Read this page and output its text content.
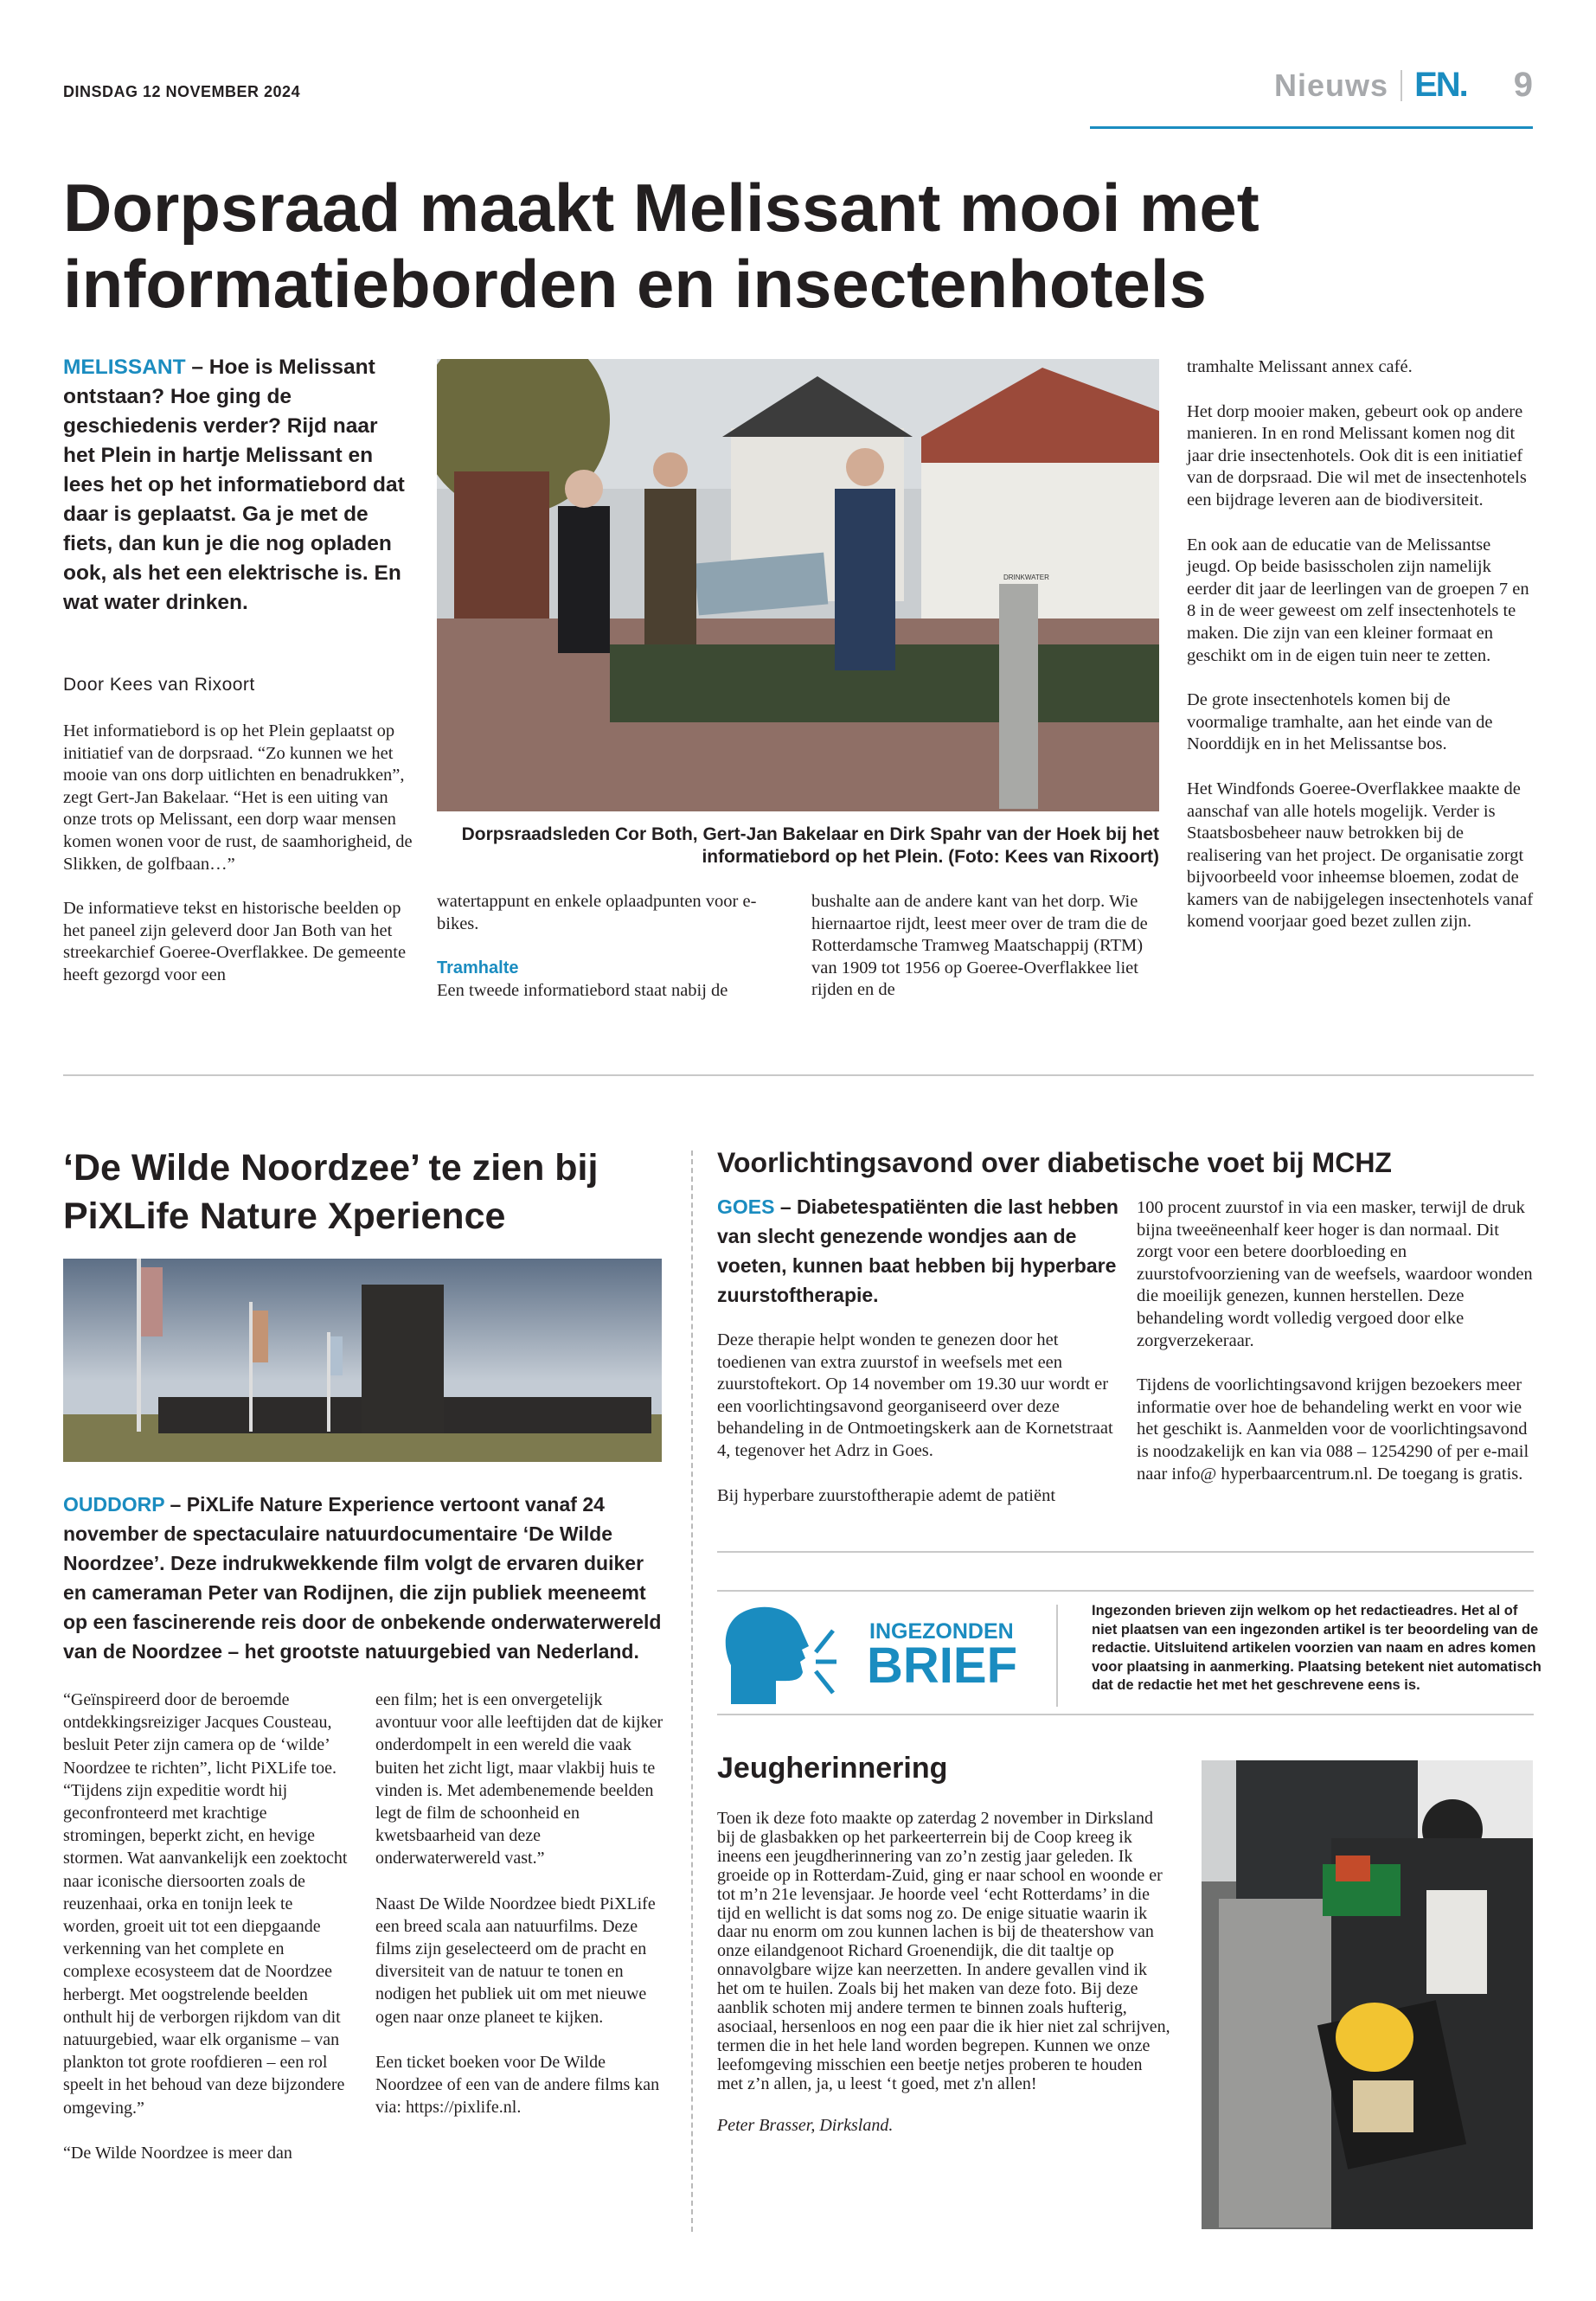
DINSDAG 12 NOVEMBER 2024	Nieuws EN. 9
Dorpsraad maakt Melissant mooi met informatieborden en insectenhotels
MELISSANT – Hoe is Melissant ontstaan? Hoe ging de geschiedenis verder? Rijd naar het Plein in hartje Melissant en lees het op het informatiebord dat daar is geplaatst. Ga je met de fiets, dan kun je die nog opladen ook, als het een elektrische is. En wat water drinken.
Door Kees van Rixoort

Het informatiebord is op het Plein geplaatst op initiatief van de dorpsraad. “Zo kunnen we het mooie van ons dorp uitlichten en benadrukken”, zegt Gert-Jan Bakelaar. “Het is een uiting van onze trots op Melissant, een dorp waar mensen komen wonen voor de rust, de saamhorigheid, de Slikken, de golfbaan…”

De informatieve tekst en historische beelden op het paneel zijn geleverd door Jan Both van het streekarchief Goeree-Overflakkee. De gemeente heeft gezorgd voor een

DRINKWATER
Dorpsraadsleden Cor Both, Gert-Jan Bakelaar en Dirk Spahr van der Hoek bij het informatiebord op het Plein. (Foto: Kees van Rixoort)

watertappunt en enkele oplaadpunten voor e-bikes.

Tramhalte

Een tweede informatiebord staat nabij de

bushalte aan de andere kant van het dorp. Wie hiernaartoe rijdt, leest meer over de tram die de Rotterdamsche Tramweg Maatschappij (RTM) van 1909 tot 1956 op Goeree-Overflakkee liet rijden en de

tramhalte Melissant annex café.

Het dorp mooier maken, gebeurt ook op andere manieren. In en rond Melissant komen nog dit jaar drie insectenhotels. Ook dit is een initiatief van de dorpsraad. Die wil met de insectenhotels een bijdrage leveren aan de biodiversiteit.

En ook aan de educatie van de Melissantse jeugd. Op beide basisscholen zijn namelijk eerder dit jaar de leerlingen van de groepen 7 en 8 in de weer geweest om zelf insectenhotels te maken. Die zijn van een kleiner formaat en geschikt om in de eigen tuin neer te zetten.

De grote insectenhotels komen bij de voormalige tramhalte, aan het einde van de Noorddijk en in het Melissantse bos.

Het Windfonds Goeree-Overflakkee maakte de aanschaf van alle hotels mogelijk. Verder is Staatsbosbeheer nauw betrokken bij de realisering van het project. De organisatie zorgt bijvoorbeeld voor inheemse bloemen, zodat de kamers van de nabijgelegen insectenhotels vanaf komend voorjaar goed bezet zullen zijn.

‘De Wilde Noordzee’ te zien bij PiXLife Nature Xperience
OUDDORP – PiXLife Nature Experience vertoont vanaf 24 november de spectaculaire natuurdocumentaire ‘De Wilde Noordzee’. Deze indrukwekkende film volgt de ervaren duiker en cameraman Peter van Rodijnen, die zijn publiek meeneemt op een fascinerende reis door de onbekende onderwaterwereld van de Noordzee – het grootste natuurgebied van Nederland.

“Geïnspireerd door de beroemde ontdekkingsreiziger Jacques Cousteau, besluit Peter zijn camera op de ‘wilde’ Noordzee te richten”, licht PiXLife toe. “Tijdens zijn expeditie wordt hij geconfronteerd met krachtige stromingen, beperkt zicht, en hevige stormen. Wat aanvankelijk een zoektocht naar iconische diersoorten zoals de reuzenhaai, orka en tonijn leek te worden, groeit uit tot een diepgaande verkenning van het complete en complexe ecosysteem dat de Noordzee herbergt. Met oogstrelende beelden onthult hij de verborgen rijkdom van dit natuurgebied, waar elk organisme – van plankton tot grote roofdieren – een rol speelt in het behoud van deze bijzondere omgeving.”

“De Wilde Noordzee is meer dan

een film; het is een onvergetelijk avontuur voor alle leeftijden dat de kijker onderdompelt in een wereld die vaak buiten het zicht ligt, maar vlakbij huis te vinden is. Met adembenemende beelden legt de film de schoonheid en kwetsbaarheid van deze onderwaterwereld vast.”

Naast De Wilde Noordzee biedt PiXLife een breed scala aan natuurfilms. Deze films zijn geselecteerd om de pracht en diversiteit van de natuur te tonen en nodigen het publiek uit om met nieuwe ogen naar onze planeet te kijken.

Een ticket boeken voor De Wilde Noordzee of een van de andere films kan via: https://pixlife.nl.

Voorlichtingsavond over diabetische voet bij MCHZ
GOES – Diabetespatiënten die last hebben van slecht genezende wondjes aan de voeten, kunnen baat hebben bij hyperbare zuurstoftherapie.

Deze therapie helpt wonden te genezen door het toedienen van extra zuurstof in weefsels met een zuurstoftekort. Op 14 november om 19.30 uur wordt er een voorlichtingsavond georganiseerd over deze behandeling in de Ontmoetingskerk aan de Kornetstraat 4, tegenover het Adrz in Goes.

Bij hyperbare zuurstoftherapie ademt de patiënt

100 procent zuurstof in via een masker, terwijl de druk bijna tweeëneenhalf keer hoger is dan normaal. Dit zorgt voor een betere doorbloeding en zuurstofvoorziening van de weefsels, waardoor wonden die moeilijk genezen, kunnen herstellen. Deze behandeling wordt volledig vergoed door elke zorgverzekeraar.

Tijdens de voorlichtingsavond krijgen bezoekers meer informatie over hoe de behandeling werkt en voor wie het geschikt is. Aanmelden voor de voorlichtingsavond is noodzakelijk en kan via 088 – 1254290 of per e-mail naar info@ hyperbaarcentrum.nl. De toegang is gratis.

INGEZONDEN
BRIEF
Ingezonden brieven zijn welkom op het redactieadres. Het al of niet plaatsen van een ingezonden artikel is ter beoordeling van de redactie. Uitsluitend artikelen voorzien van naam en adres komen voor plaatsing in aanmerking. Plaatsing betekent niet automatisch dat de redactie het met het geschrevene eens is.
Jeugherinnering

Toen ik deze foto maakte op zaterdag 2 november in Dirksland bij de glasbakken op het parkeerterrein bij de Coop kreeg ik ineens een jeugdherinnering van zo’n zestig jaar geleden. Ik groeide op in Rotterdam-Zuid, ging er naar school en woonde er tot m’n 21e levensjaar. Je hoorde veel ‘echt Rotterdams’ in die tijd en wellicht is dat soms nog zo. De enige situatie waarin ik daar nu enorm om zou kunnen lachen is bij de theatershow van onze eilandgenoot Richard Groenendijk, die dit taaltje op onnavolgbare wijze kan neerzetten. In andere gevallen vind ik het om te huilen. Zoals bij het maken van deze foto. Bij deze aanblik schoten mij andere termen te binnen zoals hufterig, asociaal, hersenloos en nog een paar die ik hier niet zal schrijven, termen die in het hele land worden begrepen. Kunnen we onze leefomgeving misschien een beetje netjes proberen te houden met z’n allen, ja, u leest ‘t goed, met z'n allen!

Peter Brasser, Dirksland.
